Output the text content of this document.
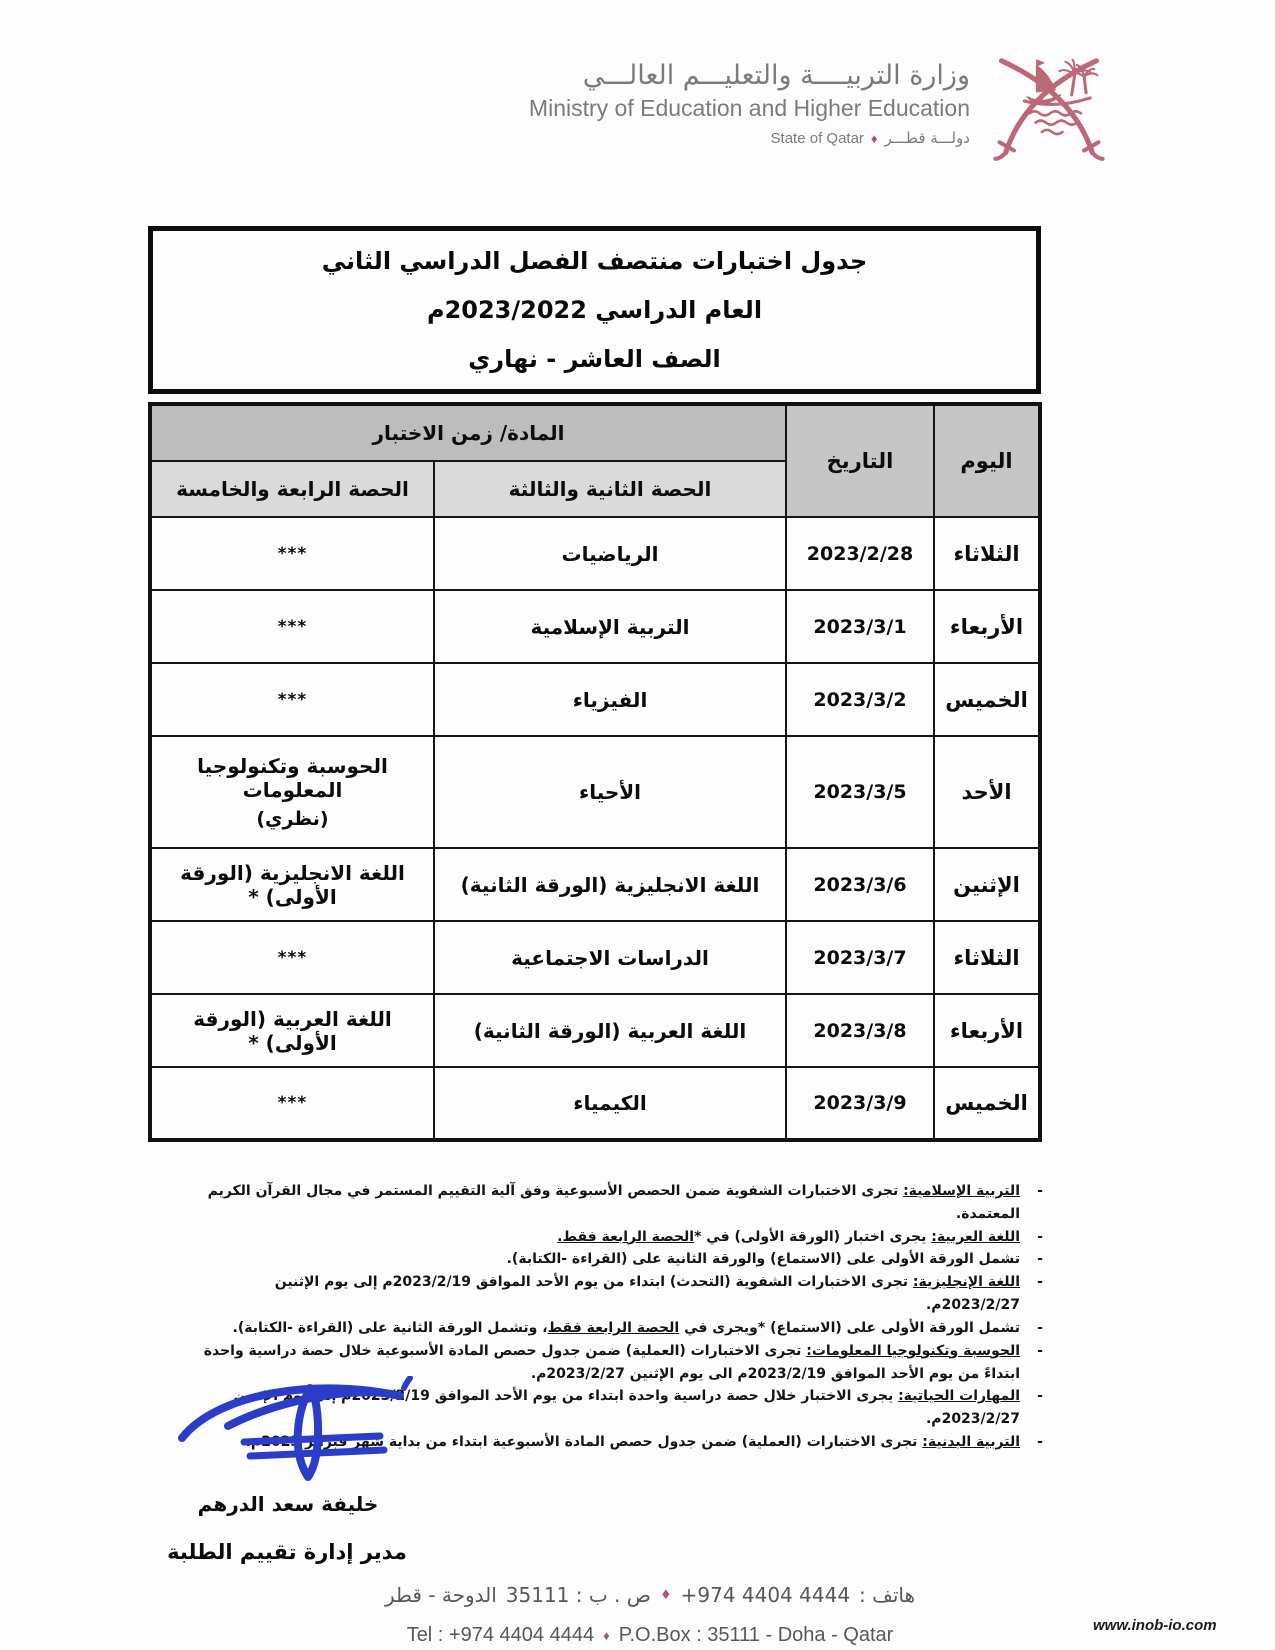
وزارة التربيــــة والتعليـــم العالـــي
Ministry of Education and Higher Education
State of Qatar ♦ دولـــة قطـــر
جدول اختبارات منتصف الفصل الدراسي الثاني
العام الدراسي 2023/2022م
الصف العاشر - نهاري
اليوم	التاريخ	المادة/ زمن الاختبار	
		الحصة الثانية والثالثة	الحصة الرابعة والخامسة
الثلاثاء	2023/2/28	الرياضيات	***
الأربعاء	2023/3/1	التربية الإسلامية	***
الخميس	2023/3/2	الفيزياء	***
الأحد	2023/3/5	الأحياء	الحوسبة وتكنولوجيا المعلومات
(نظري)

الإثنين	2023/3/6	اللغة الانجليزية (الورقة الثانية)	اللغة الانجليزية (الورقة الأولى) *
الثلاثاء	2023/3/7	الدراسات الاجتماعية	***
الأربعاء	2023/3/8	اللغة العربية (الورقة الثانية)	اللغة العربية (الورقة الأولى) *
الخميس	2023/3/9	الكيمياء	***
-
التربية الإسلامية: تجرى الاختبارات الشفوية ضمن الحصص الأسبوعية وفق آلية التقييم المستمر في مجال القرآن الكريم المعتمدة.
-
اللغة العربية: يجرى اختبار (الورقة الأولى) في *الحصة الرابعة فقط.
-
تشمل الورقة الأولى على (الاستماع) والورقة الثانية على (القراءة -الكتابة).
-
اللغة الإنجليزية: تجرى الاختبارات الشفوية (التحدث) ابتداء من يوم الأحد الموافق 2023/2/19م إلى يوم الإثنين 2023/2/27م.
-
تشمل الورقة الأولى على (الاستماع) *ويجرى في الحصة الرابعة فقط، وتشمل الورقة الثانية على (القراءة -الكتابة).
-
الحوسبة وتكنولوجيا المعلومات: تجرى الاختبارات (العملية) ضمن جدول حصص المادة الأسبوعية خلال حصة دراسية واحدة ابتداءً من يوم الأحد الموافق 2023/2/19م الى يوم الإثنين 2023/2/27م.
-
المهارات الحياتية: يجرى الاختبار خلال حصة دراسية واحدة ابتداء من يوم الأحد الموافق 2023/2/19م إلى يوم الإثنين 2023/2/27م.
-
التربية البدنية: تجرى الاختبارات (العملية) ضمن جدول حصص المادة الأسبوعية ابتداء من بداية شهر فبراير 2023م.
خليفة سعد الدرهم
مدير إدارة تقييم الطلبة
هاتف :
+974 4404 4444
♦
ص . ب : 35111
الدوحة - قطر
Tel : +974 4404 4444 ♦ P.O.Box : 35111 - Doha - Qatar	www.inob-io.com
